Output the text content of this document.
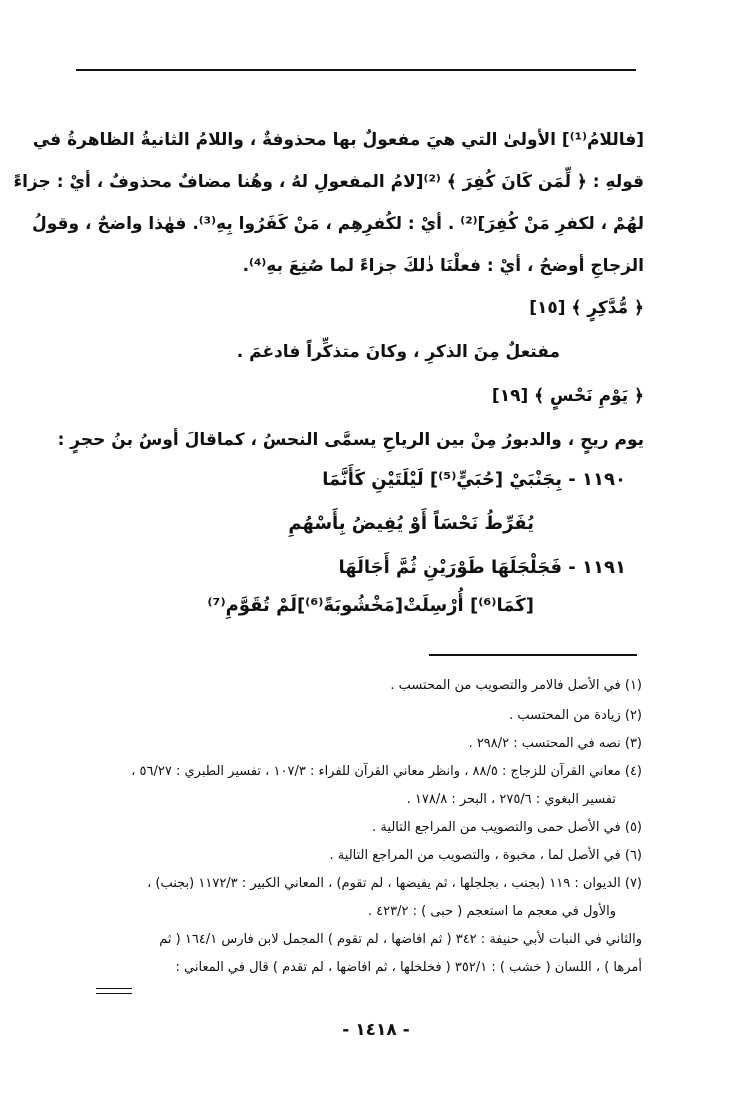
[فاللامُ⁽¹⁾] الأولىٰ التي هيَ مفعولٌ بها محذوفةٌ ، واللامُ الثانيةُ الظاهرةُ في
قولهِ : ﴿ لِّمَن كَانَ كُفِرَ ﴾ ⁽²⁾[لامُ المفعولِ لهُ ، وهُنا مضافٌ محذوفٌ ، أيْ : جزاءً
لهُمْ ، لكفرِ مَنْ كُفِرَ]⁽²⁾ . أيْ : لكُفرِهِم ، مَنْ كَفَرُوا بِهِ⁽³⁾. فهٰذا واضحٌ ، وقولُ
الزجاجِ أوضحُ ، أيْ : فعلْنَا ذٰلكَ جزاءً لما صُنِعَ بهِ⁽⁴⁾.
﴿ مُّدَّكِرٍ ﴾ [١٥]
مفتعلٌ مِنَ الذكرِ ، وكانَ متذكِّراً فادغمَ .
﴿ يَوْمِ نَحْسٍ ﴾ [١٩]
يوم ريحٍ ، والدبورُ مِنْ بين الرياحِ يسمَّى النحسُ ، كماقالَ أوسُ بنُ حجرٍ :
١١٩٠ - بِجَنْبَيْ [حُبَيٍّ⁽⁵⁾] لَيْلَتَيْنِ كَأَنَّمَا
يُفَرِّطُ نَحْسَاً أَوْ يُفِيضُ بِأَسْهُمِ
١١٩١ - فَجَلْجَلَهَا طَوْرَيْنِ ثُمَّ أَجَالَهَا
[كَمَا⁽⁶⁾] أُرْسِلَتْ[مَخْشُوبَةً⁽⁶⁾]لَمْ تُقَوَّمِ⁽⁷⁾
(١) في الأصل فالامر والتصويب من المحتسب .
(٢) زيادة من المحتسب .
(٣) نصه في المحتسب : ٢٩٨/٢ .
(٤) معاني القرآن للزجاج : ٨٨/٥ ، وانظر معاني القرآن للفراء : ١٠٧/٣ ، تفسير الطبري : ٥٦/٢٧ ،
تفسير البغوي : ٢٧٥/٦ ، البحر : ١٧٨/٨ .
(٥) في الأصل حمى والتصويب من المراجع التالية .
(٦) في الأصل لما ، مخبوة ، والتصويب من المراجع التالية .
(٧) الديوان : ١١٩ (بجنب ، بجلجلها ، ثم يفيضها ، لم تقوم) ، المعاني الكبير : ١١٧٢/٣ (بجنب) ،
والأول في معجم ما استعجم ( حبى ) : ٤٢٣/٢ .
والثاني في النبات لأبي حنيفة : ٣٤٢ ( ثم افاضها ، لم تقوم ) المجمل لابن فارس ١٦٤/١ ( ثم
أمرها ) ، اللسان ( خشب ) : ٣٥٢/١ ( فخلخلها ، ثم افاضها ، لم تقدم ) قال في المعاني :
- ١٤١٨ -
